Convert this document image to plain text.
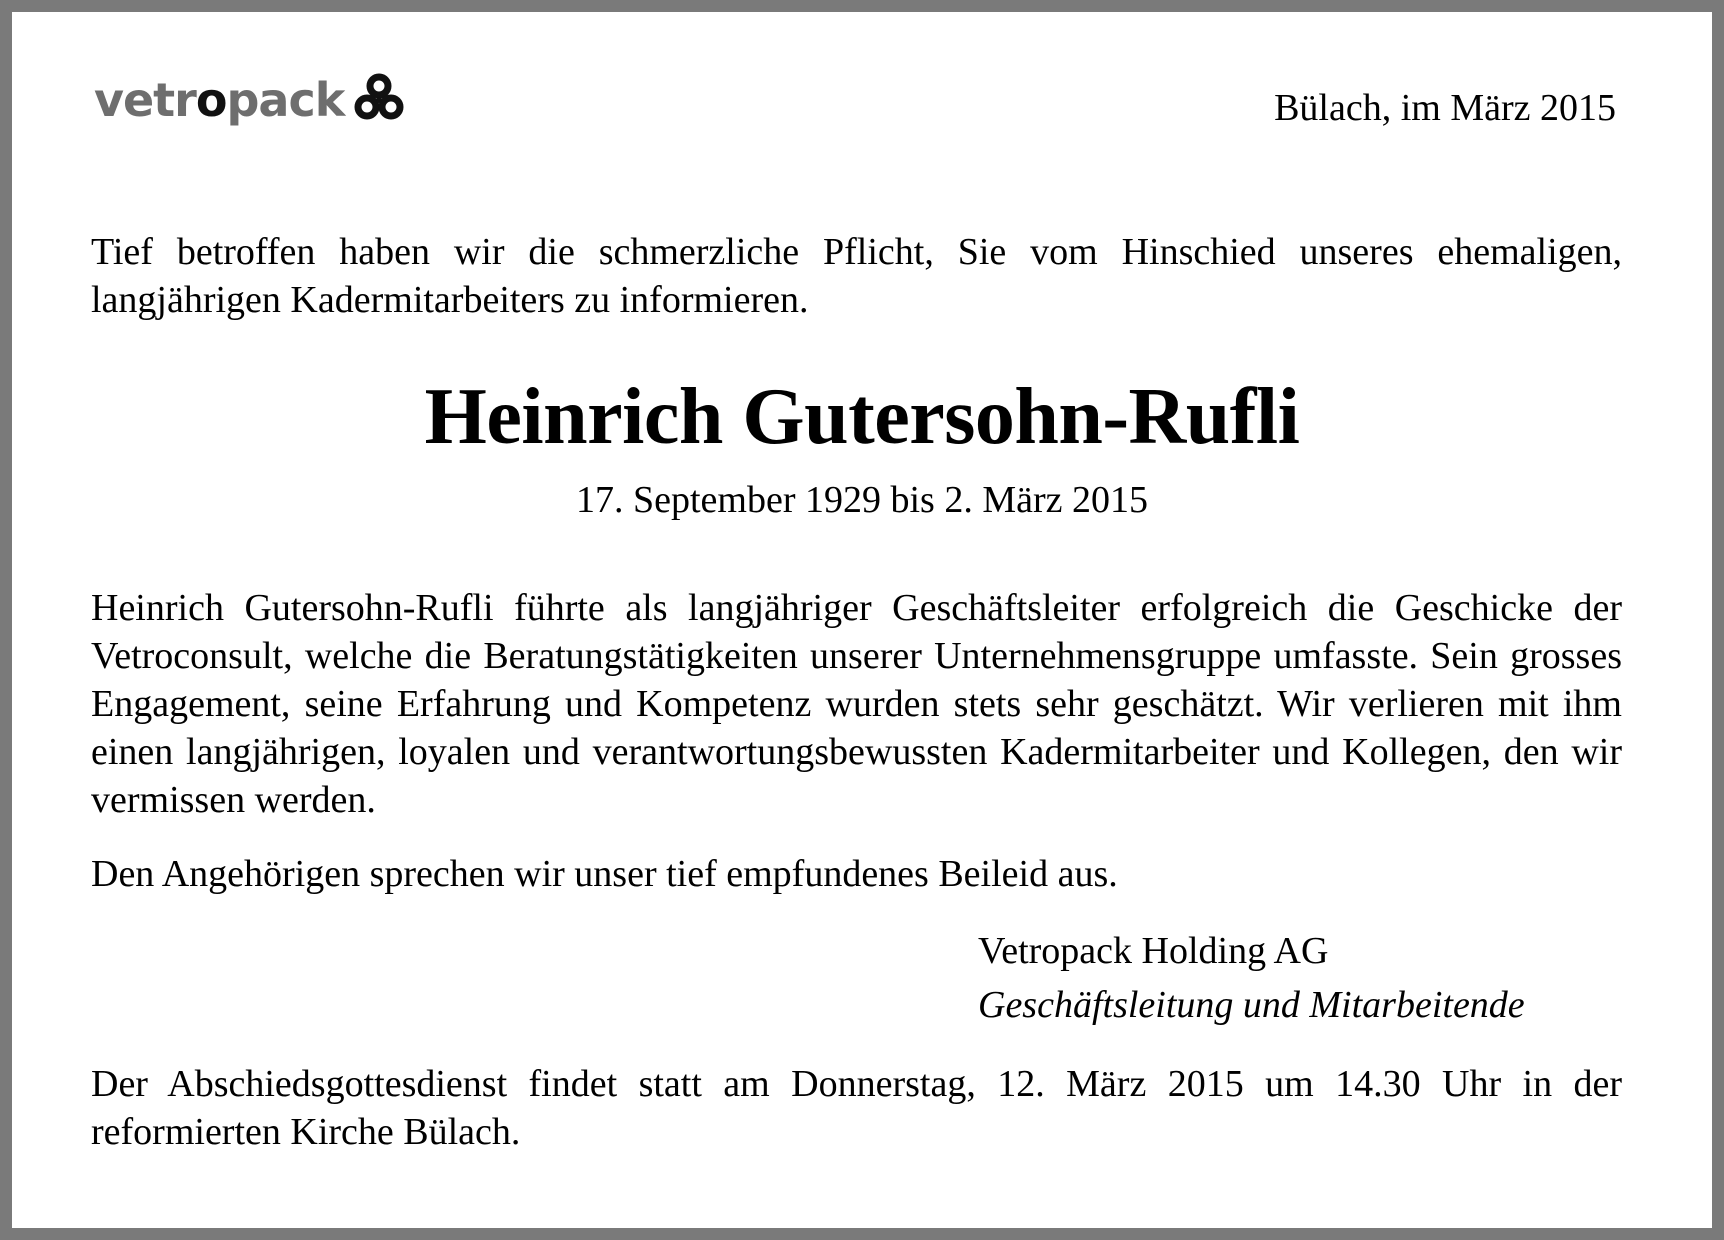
vetropack	Bülach, im März 2015

Tief betroffen haben wir die schmerzliche Pflicht, Sie vom Hinschied unseres ehemaligen, langjährigen Kadermitarbeiters zu informieren.

Heinrich Gutersohn-Rufli
17. September 1929 bis 2. März 2015

Heinrich Gutersohn-Rufli führte als langjähriger Geschäftsleiter erfolgreich die Geschicke der Vetroconsult, welche die Beratungstätigkeiten unserer Unternehmensgruppe umfasste. Sein grosses Engagement, seine Erfahrung und Kompetenz wurden stets sehr geschätzt. Wir verlieren mit ihm einen langjährigen, loyalen und verantwortungsbewussten Kadermitarbeiter und Kollegen, den wir vermissen werden.

Den Angehörigen sprechen wir unser tief empfundenes Beileid aus.

Vetropack Holding AG
Geschäftsleitung und Mitarbeitende

Der Abschiedsgottesdienst findet statt am Donnerstag, 12. März 2015 um 14.30 Uhr in der reformierten Kirche Bülach.
